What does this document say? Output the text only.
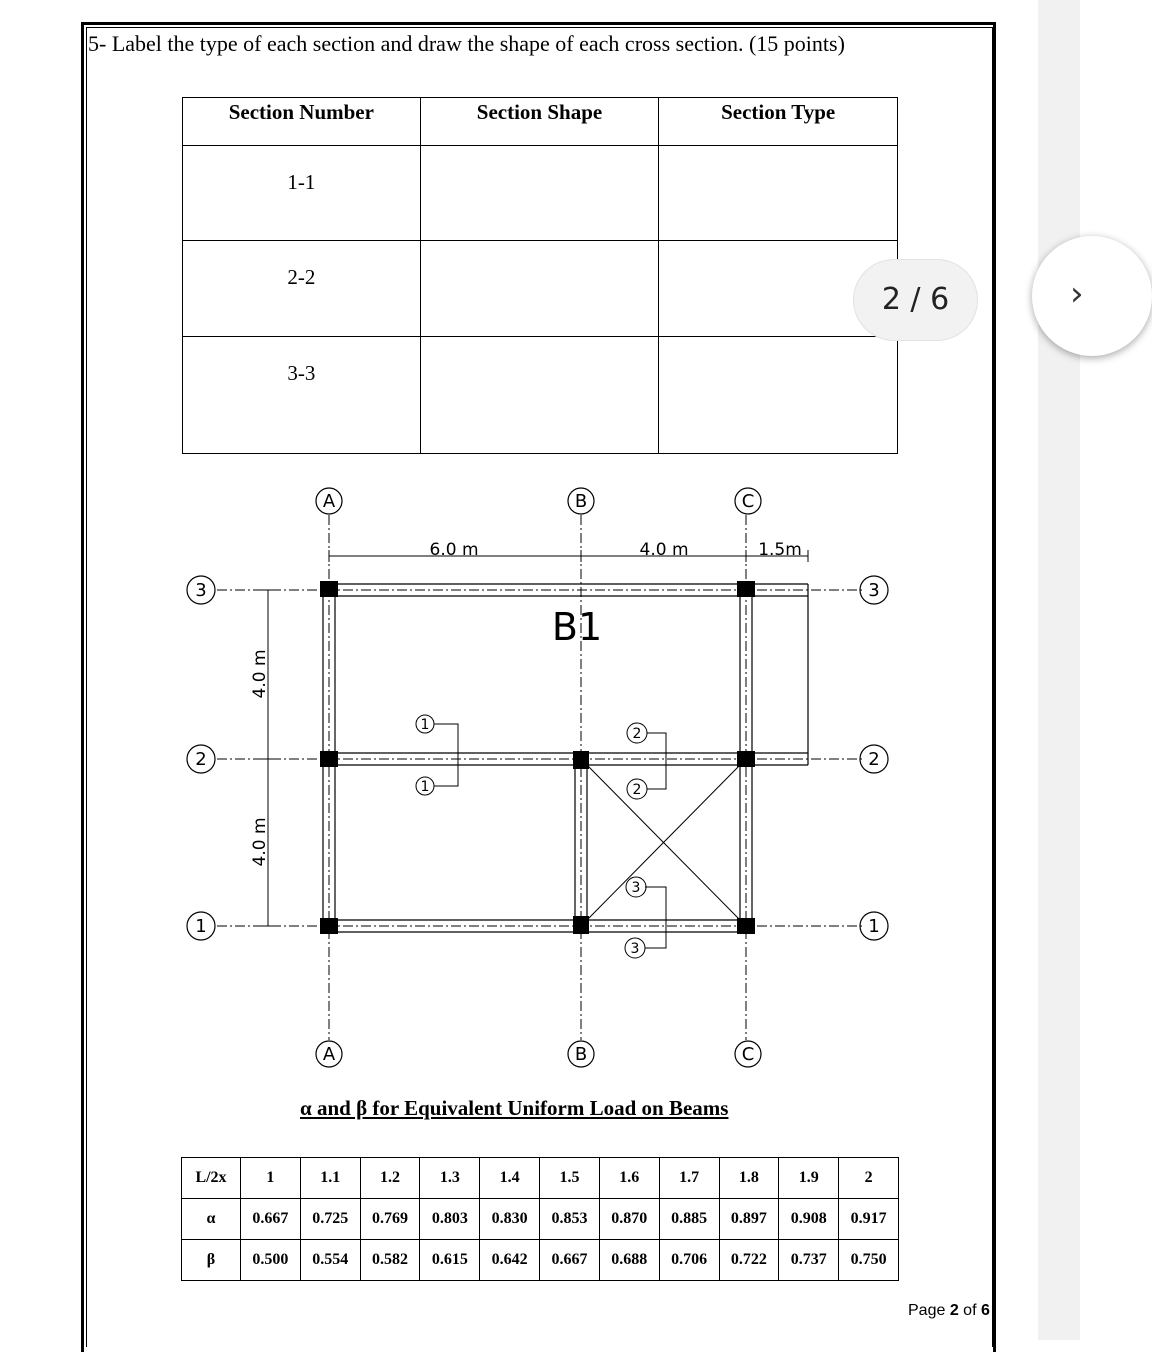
5- Label the type of each section and draw the shape of each cross section. (15 points)
Section Number	Section Shape	Section Type
1-1		
2-2		
3-3		
6.0 m	4.0 m	1.5m
4.0 m
4.0 m
B1
1
1
2
2
3
3
A	B	C
A	B	C
3
2
1
3
2
1
α and β for Equivalent Uniform Load on Beams
L/2x	1	1.1	1.2	1.3	1.4	1.5	1.6	1.7	1.8	1.9	2
α	0.667	0.725	0.769	0.803	0.830	0.853	0.870	0.885	0.897	0.908	0.917
β	0.500	0.554	0.582	0.615	0.642	0.667	0.688	0.706	0.722	0.737	0.750
2 / 6	›
Page 2 of 6
